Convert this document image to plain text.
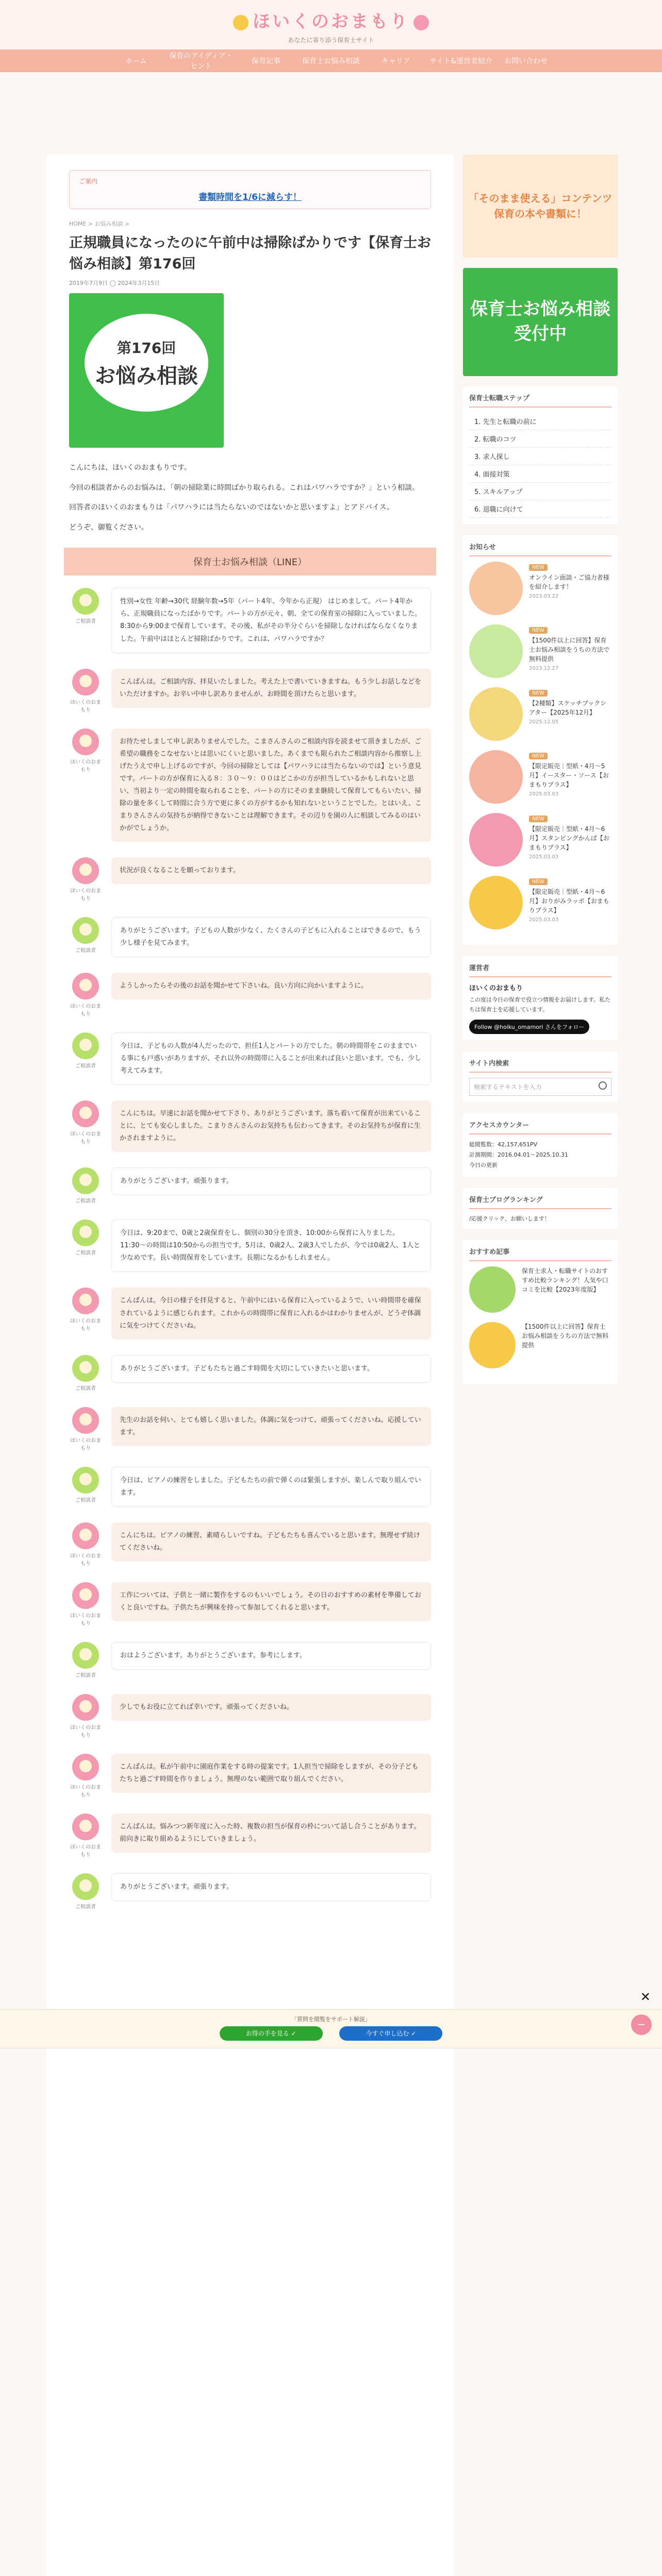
ほいくのおまもり
あなたに寄り添う保育士サイト
ホーム
保育のアイディア・ヒント
保育記事	保育士お悩み相談	キャリア	サイト&運営者紹介	お問い合わせ
ご案内
書類時間を1/6に減らす！
HOME > お悩み相談 >
正規職員になったのに午前中は掃除ばかりです【保育士お悩み相談】第176回
2019年7月9日 ◯ 2024年3月15日
第176回
お悩み相談

こんにちは、ほいくのおまもりです。

今回の相談者からのお悩みは、「朝の掃除業に時間ばかり取られる。これはパワハラですか？」という相談。

回答者のほいくのおまもりは「パワハラには当たらないのではないかと思いますよ」とアドバイス。

どうぞ、御覧ください。

保育士お悩み相談（LINE）
ご相談者
性別→女性 年齢→30代 経験年数→5年（パート4年、今年から正規） はじめまして。パート4年から、正規職員になったばかりです。パートの方が元々、朝、全ての保育室の掃除に入っていました。8:30から9:00まで保育しています。その後、私がその半分ぐらいを掃除しなければならなくなりました。午前中はほとんど掃除ばかりです。これは、パワハラですか？
ほいくのおまもり
こんばんは。ご相談内容、拝見いたしました。考えた上で書いていきますね。もう少しお話しなどをいただけますか。お辛い中申し訳ありませんが、お時間を頂けたらと思います。
ほいくのおまもり
お待たせしまして申し訳ありませんでした。こまさんさんのご相談内容を読ませて頂きましたが、ご希望の職務をこなせないとは思いにくいと思いました。あくまでも限られたご相談内容から推察し上げたうえで申し上げるのですが、今回の掃除としては【パワハラには当たらないのでは】という意見です。パートの方が保育に入る８：３０〜９：００はどこかの方が担当しているかもしれないと思い、当初より一定の時間を取られることを、パートの方にそのまま継続して保育してもらいたい、掃除の量を多くして時間に合う方で更に多くの方がするかも知れないということでした。とはいえ、こまりさんさんの気持ちが納得できないことは理解できます。その辺りを園の人に相談してみるのはいかがでしょうか。
ほいくのおまもり
状況が良くなることを願っております。
ご相談者
ありがとうございます。子どもの人数が少なく、たくさんの子どもに入れることはできるので、もう少し様子を見てみます。
ほいくのおまもり
ようしかったらその後のお話を聞かせて下さいね。良い方向に向かいますように。
ご相談者
今日は、子どもの人数が4人だったので、担任1人とパートの方でした。朝の時間帯をこのままでいる事にも戸惑いがありますが、それ以外の時間帯に入ることが出来れば良いと思います。でも、少し考えてみます。
ほいくのおまもり
こんにちは。早速にお話を聞かせて下さり、ありがとうございます。落ち着いて保育が出来ていることに、とても安心しました。こまりさんさんのお気持ちも伝わってきます。そのお気持ちが保育に生かされますように。
ご相談者
ありがとうございます。頑張ります。
ご相談者
今日は、9:20まで、0歳と2歳保育をし、個別の30分を頂き、10:00から保育に入りました。11:30〜の時間は10:50からの担当です。5月は、0歳2人、2歳3人でしたが、今では0歳2人、1人と少なめです。長い時間保育をしています。長期になるかもしれません。
ほいくのおまもり
こんばんは。今日の様子を拝見すると、午前中にはいる保育に入っているようで、いい時間帯を確保されているように感じられます。これからの時間帯に保育に入れるかはわかりませんが、どうぞ体調に気をつけてくださいね。
ご相談者
ありがとうございます。子どもたちと過ごす時間を大切にしていきたいと思います。
ほいくのおまもり
先生のお話を伺い、とても嬉しく思いました。体調に気をつけて、頑張ってくださいね。応援しています。
ご相談者
今日は、ピアノの練習をしました。子どもたちの前で弾くのは緊張しますが、楽しんで取り組んでいます。
ほいくのおまもり
こんにちは。ピアノの練習、素晴らしいですね。子どもたちも喜んでいると思います。無理せず続けてくださいね。
ほいくのおまもり
工作については、子供と一緒に製作をするのもいいでしょう。その日のおすすめの素材を準備しておくと良いですね。子供たちが興味を持って参加してくれると思います。
ご相談者
おはようございます。ありがとうございます。参考にします。
ほいくのおまもり
少しでもお役に立てれば幸いです。頑張ってくださいね。
ほいくのおまもり
こんばんは。私が午前中に園庭作業をする時の提案です。1人担当で掃除をしますが、その分子どもたちと過ごす時間を作りましょう。無理のない範囲で取り組んでください。
ほいくのおまもり
こんばんは。悩みつつ新年度に入った時、複数の担当が保育の枠について話し合うことがあります。前向きに取り組めるようにしていきましょう。
ご相談者
ありがとうございます。頑張ります。
「そのまま使える」コンテンツ 保育の本や書類に！
保育士お悩み相談受付中
保育士転職ステップ
1. 先生と転職の前に
2. 転職のコツ
3. 求人探し
4. 面接対策
5. スキルアップ
6. 退職に向けて
お知らせ
NEW
オンライン面談・ご協力者様を紹介します！
2023.03.22
NEW
【1500件以上に回答】保育士お悩み相談をうちの方法で無料提供
2023.12.27
NEW
【2種類】スケッチブックシアター【2025年12月】
2025.12.05
NEW
【限定販売｜型紙・4月〜5月】イースター・ソース【おまもりプラス】
2025.03.03
NEW
【限定販売｜型紙・4月〜6月】スタンピングかんぱ【おまもりプラス】
2025.03.03
NEW
【限定販売｜型紙・4月〜6月】おりがみラッポ【おまもりプラス】
2025.03.03
運営者
ほいくのおまもり
この度は今日の保育で役立つ情報をお届けします。私たちは保育士を応援しています。
Follow @hoiku_omamori さんをフォロー
サイト内検索
検索するテキストを入力
アクセスカウンター
総閲覧数：42,157,651PV
計測期間：2016.04.01〜2025.10.31
今日の更新
保育士ブログランキング
/応援クリック、お願いします！
おすすめ記事
保育士求人・転職サイトのおすすめ比較ランキング！人気や口コミを比較【2023年度版】
【1500件以上に回答】保育士お悩み相談をうちの方法で無料提供
✕
「質問を閲覧をサポート解説」
お得の手を見る ✓	今すぐ申し込む ✓
−
